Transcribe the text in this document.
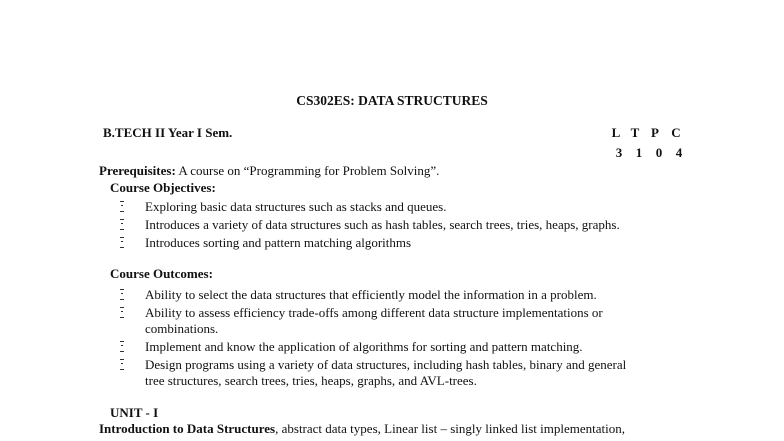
CS302ES: DATA STRUCTURES
B.TECH II Year I Sem.	L T P C
3 1 0 4
Prerequisites: A course on “Programming for Problem Solving”.
Course Objectives:
Exploring basic data structures such as stacks and queues.
Introduces a variety of data structures such as hash tables, search trees, tries, heaps, graphs.
Introduces sorting and pattern matching algorithms
Course Outcomes:
Ability to select the data structures that efficiently model the information in a problem.
Ability to assess efficiency trade-offs among different data structure implementations or
combinations.
Implement and know the application of algorithms for sorting and pattern matching.
Design programs using a variety of data structures, including hash tables, binary and general
tree structures, search trees, tries, heaps, graphs, and AVL-trees.
UNIT - I
Introduction to Data Structures, abstract data types, Linear list – singly linked list implementation,
